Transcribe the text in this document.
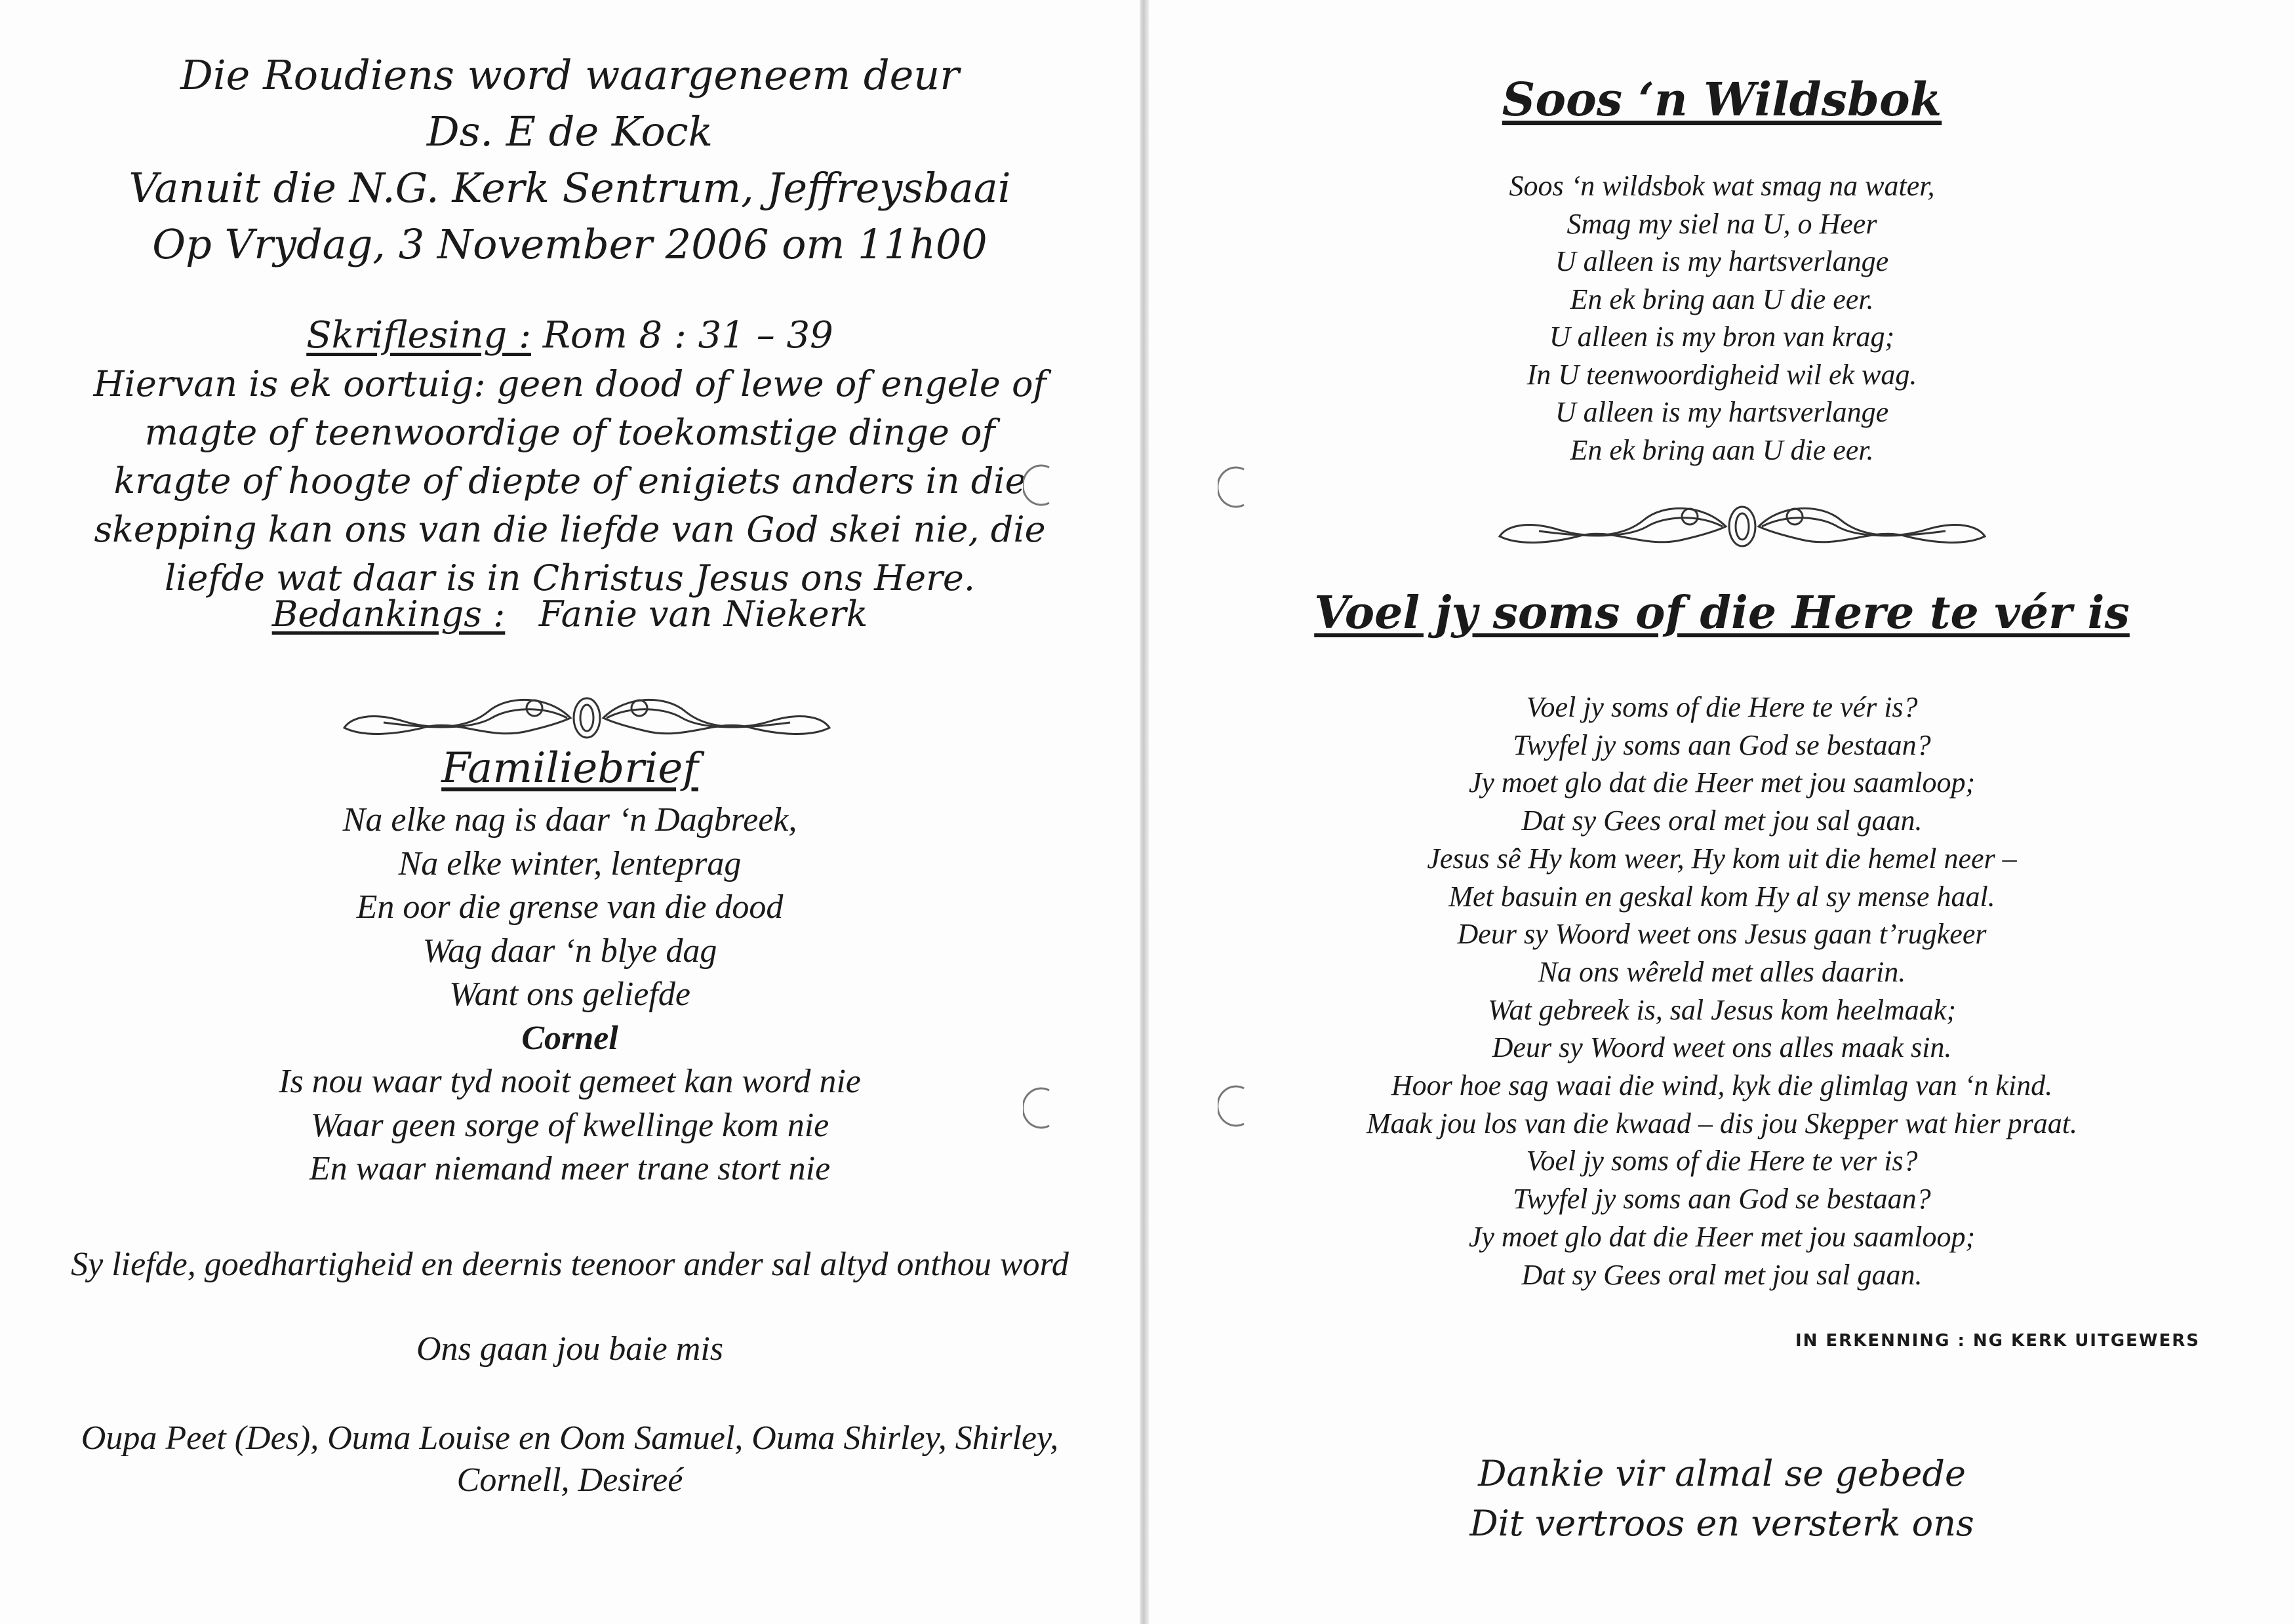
Die Roudiens word waargeneem deur
Ds. E de Kock
Vanuit die N.G. Kerk Sentrum, Jeffreysbaai
Op Vrydag, 3 November 2006 om 11h00
Skriflesing : Rom 8 : 31 – 39
Hiervan is ek oortuig: geen dood of lewe of engele of magte of teenwoordige of toekomstige dinge of kragte of hoogte of diepte of enigiets anders in die skepping kan ons van die liefde van God skei nie, die liefde wat daar is in Christus Jesus ons Here.
Bedankings : Fanie van Niekerk
Familiebrief
Na elke nag is daar ‘n Dagbreek,
Na elke winter, lenteprag
En oor die grense van die dood
Wag daar ‘n blye dag
Want ons geliefde
Cornel
Is nou waar tyd nooit gemeet kan word nie
Waar geen sorge of kwellinge kom nie
En waar niemand meer trane stort nie
Sy liefde, goedhartigheid en deernis teenoor ander sal altyd onthou word
Ons gaan jou baie mis
Oupa Peet (Des), Ouma Louise en Oom Samuel, Ouma Shirley, Shirley, Cornell, Desireé
Soos ‘n Wildsbok
Soos ‘n wildsbok wat smag na water,
Smag my siel na U, o Heer
U alleen is my hartsverlange
En ek bring aan U die eer.
U alleen is my bron van krag;
In U teenwoordigheid wil ek wag.
U alleen is my hartsverlange
En ek bring aan U die eer.
Voel jy soms of die Here te vér is
Voel jy soms of die Here te vér is?
Twyfel jy soms aan God se bestaan?
Jy moet glo dat die Heer met jou saamloop;
Dat sy Gees oral met jou sal gaan.
Jesus sê Hy kom weer, Hy kom uit die hemel neer –
Met basuin en geskal kom Hy al sy mense haal.
Deur sy Woord weet ons Jesus gaan t’rugkeer
Na ons wêreld met alles daarin.
Wat gebreek is, sal Jesus kom heelmaak;
Deur sy Woord weet ons alles maak sin.
Hoor hoe sag waai die wind, kyk die glimlag van ‘n kind.
Maak jou los van die kwaad – dis jou Skepper wat hier praat.
Voel jy soms of die Here te ver is?
Twyfel jy soms aan God se bestaan?
Jy moet glo dat die Heer met jou saamloop;
Dat sy Gees oral met jou sal gaan.
IN ERKENNING : NG KERK UITGEWERS
Dankie vir almal se gebede
Dit vertroos en versterk ons
